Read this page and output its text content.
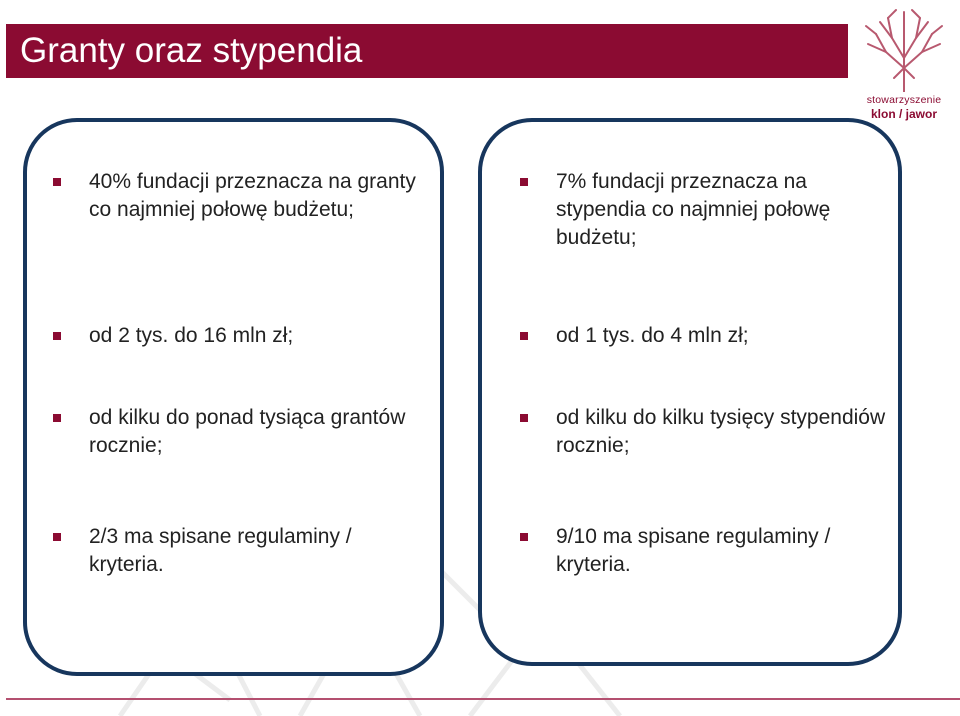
Granty oraz stypendia
stowarzyszenie
klon / jawor
40% fundacji przeznacza na granty co najmniej połowę budżetu;
od 2 tys. do 16 mln zł;
od kilku do ponad tysiąca grantów rocznie;
2/3 ma spisane regulaminy / kryteria.
7% fundacji przeznacza na stypendia co najmniej połowę budżetu;
od 1 tys. do 4 mln zł;
od kilku do kilku tysięcy stypendiów rocznie;
9/10 ma spisane regulaminy / kryteria.
